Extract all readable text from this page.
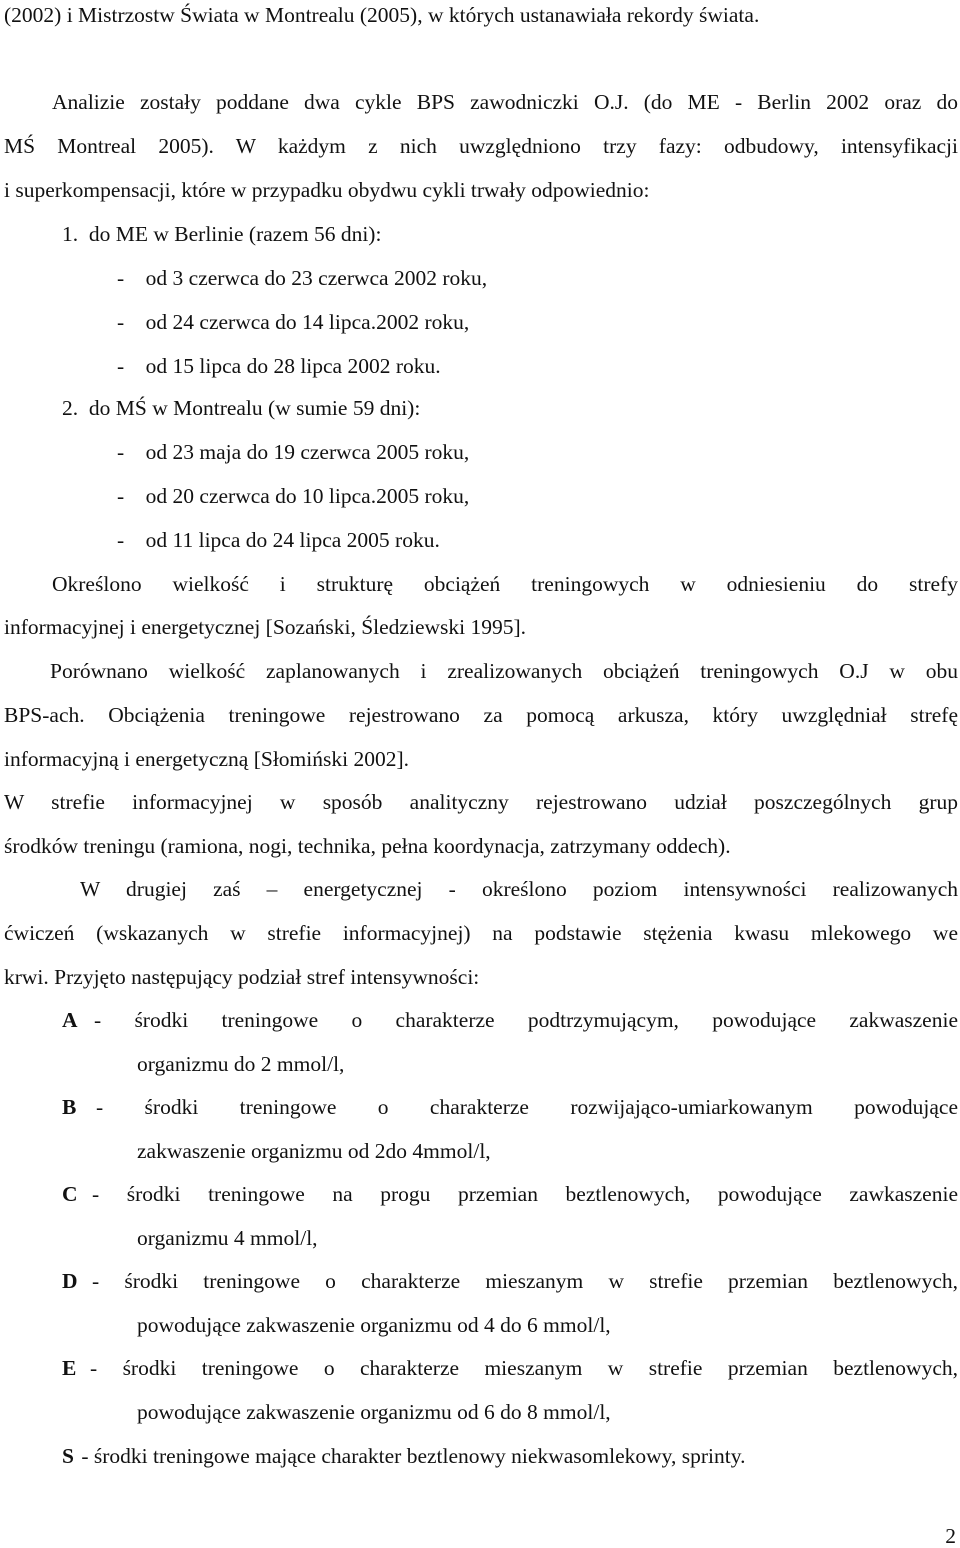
(2002) i Mistrzostw Świata w Montrealu (2005), w których ustanawiała rekordy świata.
Analizie zostały poddane dwa cykle BPS zawodniczki O.J. (do ME - Berlin 2002 oraz do
MŚ Montreal 2005). W każdym z nich uwzględniono trzy fazy: odbudowy, intensyfikacji
i superkompensacji, które w przypadku obydwu cykli trwały odpowiednio:
1.  do ME w Berlinie (razem 56 dni):
-    od 3 czerwca do 23 czerwca 2002 roku,
-    od 24 czerwca do 14 lipca.2002 roku,
-    od 15 lipca do 28 lipca 2002 roku.
2.  do MŚ w Montrealu (w sumie 59 dni):
-    od 23 maja do 19 czerwca 2005 roku,
-    od 20 czerwca do 10 lipca.2005 roku,
-    od 11 lipca do 24 lipca 2005 roku.
Określono wielkość i strukturę obciążeń treningowych w odniesieniu do strefy
informacyjnej i energetycznej [Sozański, Śledziewski 1995].
Porównano wielkość zaplanowanych i zrealizowanych obciążeń treningowych O.J w obu
BPS-ach. Obciążenia treningowe rejestrowano za pomocą arkusza, który uwzględniał strefę
informacyjną i energetyczną [Słomiński 2002].
W strefie informacyjnej w sposób analityczny rejestrowano udział poszczególnych grup
środków treningu (ramiona, nogi, technika, pełna koordynacja, zatrzymany oddech).
W drugiej zaś – energetycznej - określono poziom intensywności realizowanych
ćwiczeń (wskazanych w strefie informacyjnej) na podstawie stężenia kwasu mlekowego we
krwi. Przyjęto następujący podział stref intensywności:
A - środki treningowe o charakterze podtrzymującym, powodujące zakwaszenie
organizmu do 2 mmol/l,
B - środki treningowe o charakterze rozwijająco-umiarkowanym powodujące
zakwaszenie organizmu od 2do 4mmol/l,
C - środki treningowe na progu przemian beztlenowych, powodujące zawkaszenie
organizmu 4 mmol/l,
D - środki treningowe o charakterze mieszanym w strefie przemian beztlenowych,
powodujące zakwaszenie organizmu od 4 do 6 mmol/l,
E - środki treningowe o charakterze mieszanym w strefie przemian beztlenowych,
powodujące zakwaszenie organizmu od 6 do 8 mmol/l,
S - środki treningowe mające charakter beztlenowy niekwasomlekowy, sprinty.
2
